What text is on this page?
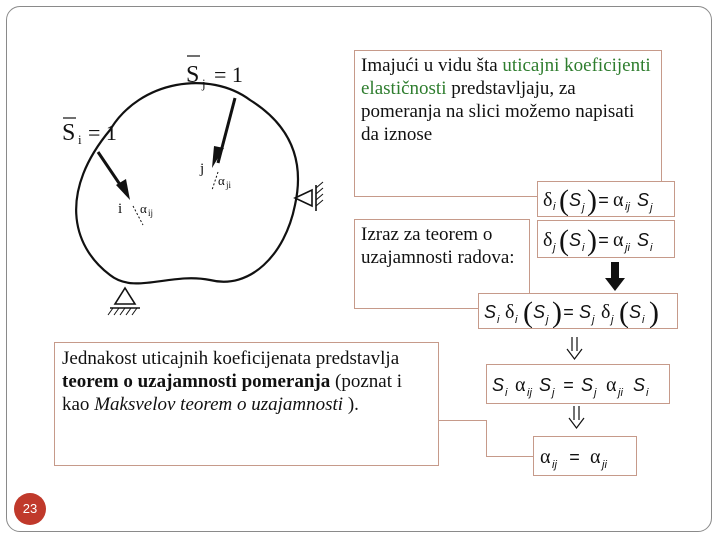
S j = 1
S i = 1
j
α ji
i α ij
Imajući u vidu šta uticajni koeficijenti elastičnosti predstavljaju, za pomeranja na slici možemo napisati da iznose
δ i ( S j ) = α ij S j
δ j ( S i ) = α ji S i
Izraz za teorem o uzajamnosti radova:
S i δ i ( S j ) = S j δ j ( S i )
Jednakost uticajnih koeficijenata predstavlja teorem o uzajamnosti pomeranja (poznat i kao Maksvelov teorem o uzajamnosti ).
S i α ij S j = S j α ji S i
α ij = α ji
23
